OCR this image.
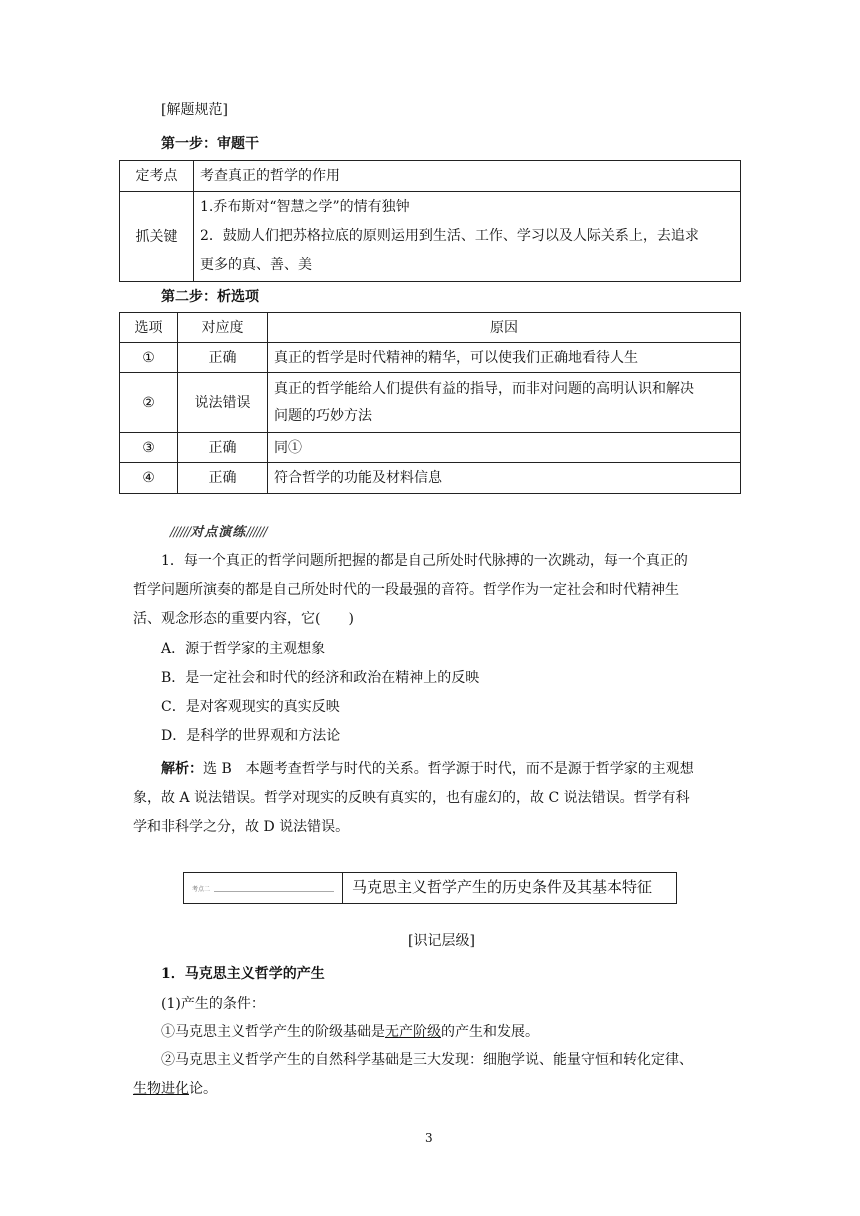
[解题规范]
第一步：审题干
定考点	考查真正的哲学的作用

抓关键	1.乔布斯对“智慧之学”的情有独钟
2．鼓励人们把苏格拉底的原则运用到生活、工作、学习以及人际关系上，去追求
更多的真、善、美
第二步：析选项
选项	对应度	原因
①	正确	真正的哲学是时代精神的精华，可以使我们正确地看待人生

②	说法错误	真正的哲学能给人们提供有益的指导，而非对问题的高明认识和解决
问题的巧妙方法

③	正确	同①

④	正确	符合哲学的功能及材料信息
//////对点演练//////
1．每一个真正的哲学问题所把握的都是自己所处时代脉搏的一次跳动，每一个真正的
哲学问题所演奏的都是自己所处时代的一段最强的音符。哲学作为一定社会和时代精神生
活、观念形态的重要内容，它(　　)
A．源于哲学家的主观想象
B．是一定社会和时代的经济和政治在精神上的反映
C．是对客观现实的真实反映
D．是科学的世界观和方法论
解析：选 B　本题考查哲学与时代的关系。哲学源于时代，而不是源于哲学家的主观想
象，故 A 说法错误。哲学对现实的反映有真实的，也有虚幻的，故 C 说法错误。哲学有科
学和非科学之分，故 D 说法错误。
考点二	马克思主义哲学产生的历史条件及其基本特征
[识记层级]
1．马克思主义哲学的产生
(1)产生的条件：
①马克思主义哲学产生的阶级基础是无产阶级的产生和发展。
②马克思主义哲学产生的自然科学基础是三大发现：细胞学说、能量守恒和转化定律、
生物进化论。
3
